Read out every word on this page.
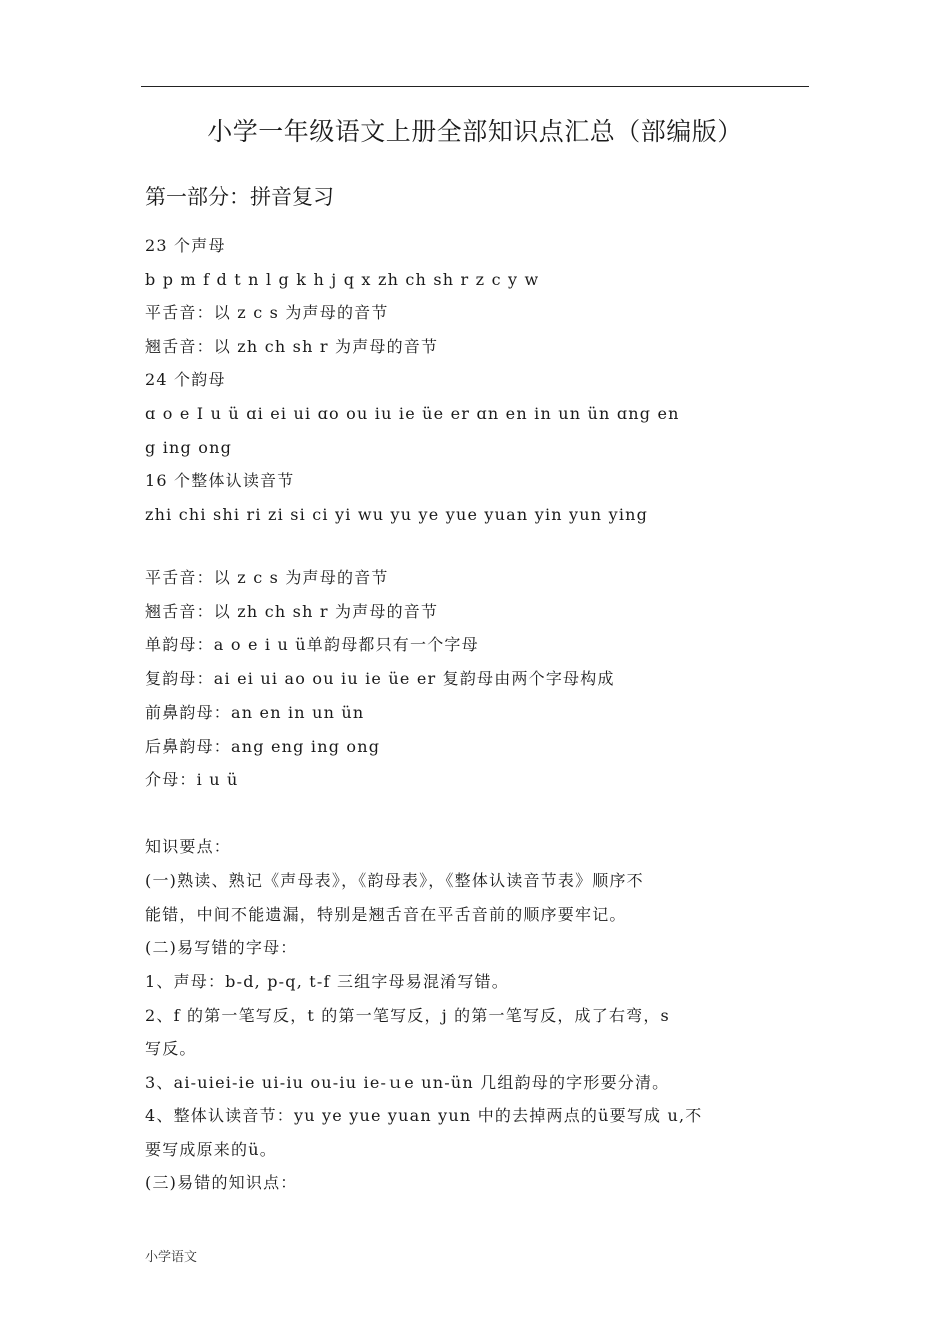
小学一年级语文上册全部知识点汇总（部编版）
第一部分：拼音复习
23 个声母
b p m f d t n l g k h j q x zh ch sh r z c y w
平舌音：以 z c s 为声母的音节
翘舌音：以 zh ch sh r 为声母的音节
24 个韵母
ɑ o e I u ü ɑi ei ui ɑo ou iu ie üe er ɑn en in un ün ɑng en
g ing ong
16 个整体认读音节
zhi chi shi ri zi si ci yi wu yu ye yue yuan yin yun ying
平舌音：以 z c s 为声母的音节
翘舌音：以 zh ch sh r 为声母的音节
单韵母：a o e i u ü单韵母都只有一个字母
复韵母：ai ei ui ao ou iu ie üe er 复韵母由两个字母构成
前鼻韵母：an en in un ün
后鼻韵母：ang eng ing ong
介母：i u ü
知识要点：
(一)熟读、熟记《声母表》，《韵母表》，《整体认读音节表》顺序不
能错，中间不能遗漏，特别是翘舌音在平舌音前的顺序要牢记。
(二)易写错的字母：
1、声母：b-d, p-q, t-f 三组字母易混淆写错。
2、f 的第一笔写反，t 的第一笔写反，j 的第一笔写反，成了右弯，s
写反。
3、ai-uiei-ie ui-iu ou-iu ie-ｕe un-ün 几组韵母的字形要分清。
4、整体认读音节：yu ye yue yuan yun 中的去掉两点的ü要写成 u,不
要写成原来的ü。
(三)易错的知识点：
小学语文
